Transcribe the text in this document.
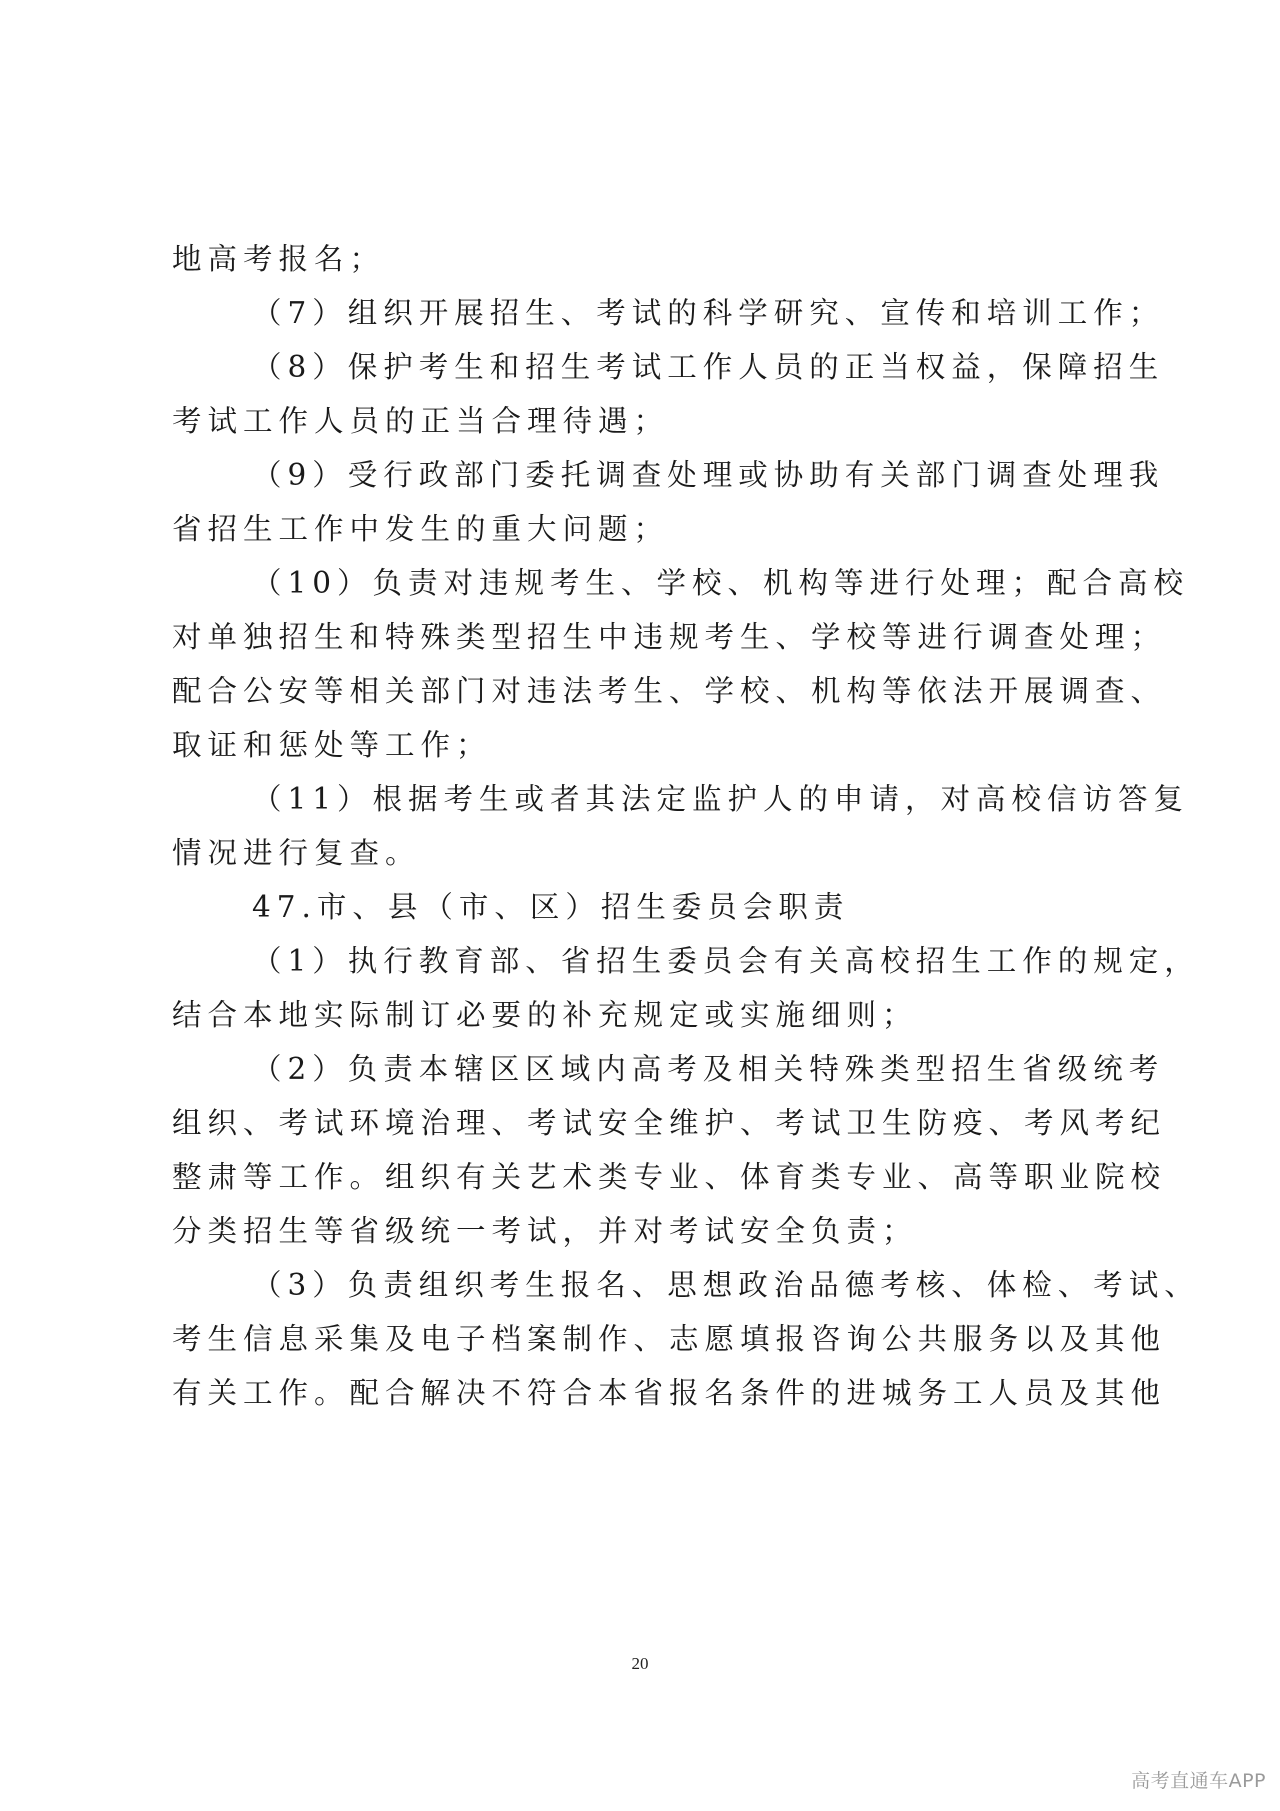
地高考报名；
（7）组织开展招生、考试的科学研究、宣传和培训工作；
（8）保护考生和招生考试工作人员的正当权益，保障招生
考试工作人员的正当合理待遇；
（9）受行政部门委托调查处理或协助有关部门调查处理我
省招生工作中发生的重大问题；
（10）负责对违规考生、学校、机构等进行处理；配合高校
对单独招生和特殊类型招生中违规考生、学校等进行调查处理；
配合公安等相关部门对违法考生、学校、机构等依法开展调查、
取证和惩处等工作；
（11）根据考生或者其法定监护人的申请，对高校信访答复
情况进行复查。
47.市、县（市、区）招生委员会职责
（1）执行教育部、省招生委员会有关高校招生工作的规定，
结合本地实际制订必要的补充规定或实施细则；
（2）负责本辖区区域内高考及相关特殊类型招生省级统考
组织、考试环境治理、考试安全维护、考试卫生防疫、考风考纪
整肃等工作。组织有关艺术类专业、体育类专业、高等职业院校
分类招生等省级统一考试，并对考试安全负责；
（3）负责组织考生报名、思想政治品德考核、体检、考试、
考生信息采集及电子档案制作、志愿填报咨询公共服务以及其他
有关工作。配合解决不符合本省报名条件的进城务工人员及其他
20
高考直通车APP
